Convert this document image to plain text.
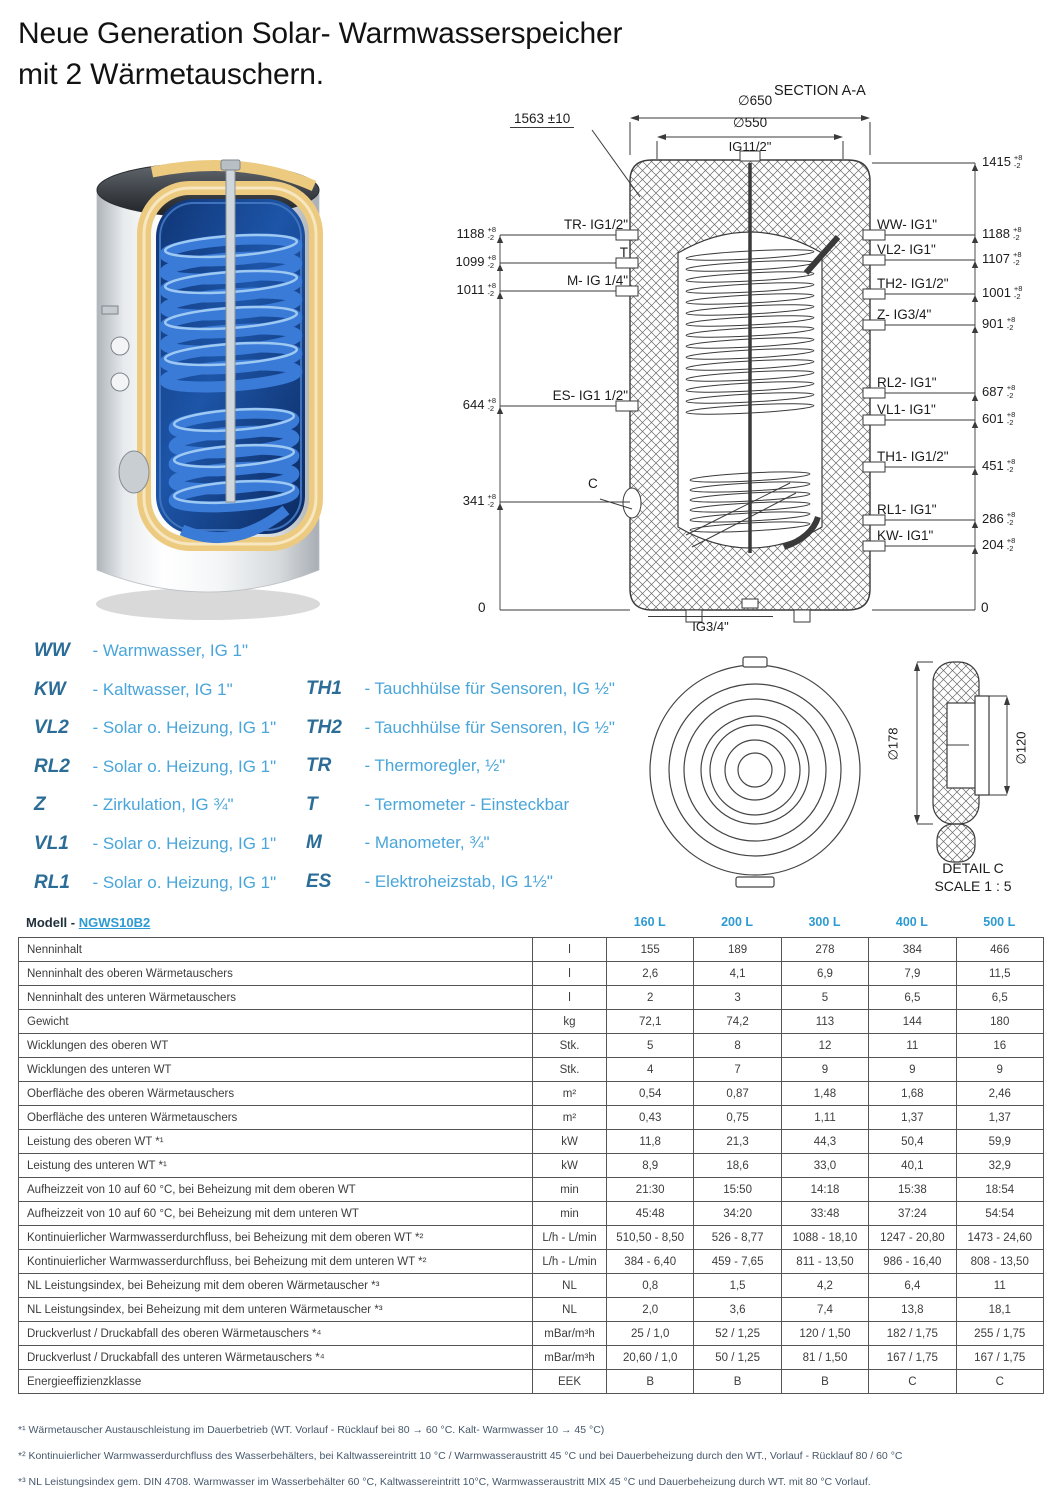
Neue Generation Solar- Warmwasserspeicher
mit 2 Wärmetauschern.
SECTION A-A
∅650
∅550
IG11/2"
1563 ±10
0	0
IG3/4"
1415 +8
-2
1188 +8
-2
1107 +8
-2
1001 +8
-2
901 +8
-2
687 +8
-2
601 +8
-2
451 +8
-2
286 +8
-2
204 +8
-2
1188 +8
-2
1099 +8
-2
1011 +8
-2
644 +8
-2
341 +8
-2
WW- IG1"
VL2- IG1"
TH2- IG1/2"
Z- IG3/4"
RL2- IG1"
VL1- IG1"
TH1- IG1/2"
RL1- IG1"
KW- IG1"
TR- IG1/2"
T
M- IG 1/4"
ES- IG1 1/2"
C
WW - Warmwasser, IG 1"
KW - Kaltwasser, IG 1"
VL2 - Solar o. Heizung, IG 1"
RL2 - Solar o. Heizung, IG 1"
Z	- Zirkulation, IG ¾"
VL1 - Solar o. Heizung, IG 1"
RL1 - Solar o. Heizung, IG 1"
TH1 - Tauchhülse für Sensoren, IG ½"
TH2 - Tauchhülse für Sensoren, IG ½"
TR - Thermoregler, ½"
T	- Termometer - Einsteckbar
M	- Manometer, ¾"
ES - Elektroheizstab, IG 1½"
∅178	∅120
DETAIL C
SCALE 1 : 5
Modell - NGWS10B2	160 L	200 L	300 L	400 L	500 L
Nenninhalt	l	155	189	278	384	466
Nenninhalt des oberen Wärmetauschers	l	2,6	4,1	6,9	7,9	11,5
Nenninhalt des unteren Wärmetauschers	l	2	3	5	6,5	6,5
Gewicht	kg	72,1	74,2	113	144	180
Wicklungen des oberen WT	Stk.	5	8	12	11	16
Wicklungen des unteren WT	Stk.	4	7	9	9	9
Oberfläche des oberen Wärmetauschers	m²	0,54	0,87	1,48	1,68	2,46
Oberfläche des unteren Wärmetauschers	m²	0,43	0,75	1,11	1,37	1,37
Leistung des oberen WT *¹	kW	11,8	21,3	44,3	50,4	59,9
Leistung des unteren WT *¹	kW	8,9	18,6	33,0	40,1	32,9
Aufheizzeit von 10 auf 60 °C, bei Beheizung mit dem oberen WT	min	21:30	15:50	14:18	15:38	18:54
Aufheizzeit von 10 auf 60 °C, bei Beheizung mit dem unteren WT	min	45:48	34:20	33:48	37:24	54:54
Kontinuierlicher Warmwasserdurchfluss, bei Beheizung mit dem oberen WT *²	L/h - L/min	510,50 - 8,50	526 - 8,77	1088 - 18,10	1247 - 20,80	1473 - 24,60
Kontinuierlicher Warmwasserdurchfluss, bei Beheizung mit dem unteren WT *²	L/h - L/min	384 - 6,40	459 - 7,65	811 - 13,50	986 - 16,40	808 - 13,50
NL Leistungsindex, bei Beheizung mit dem oberen Wärmetauscher *³	NL	0,8	1,5	4,2	6,4	11
NL Leistungsindex, bei Beheizung mit dem unteren Wärmetauscher *³	NL	2,0	3,6	7,4	13,8	18,1
Druckverlust / Druckabfall des oberen Wärmetauschers *⁴	mBar/m³h	25 / 1,0	52 / 1,25	120 / 1,50	182 / 1,75	255 / 1,75
Druckverlust / Druckabfall des unteren Wärmetauschers *⁴	mBar/m³h	20,60 / 1,0	50 / 1,25	81 / 1,50	167 / 1,75	167 / 1,75
Energieeffizienzklasse	EEK	B	B	B	C	C
*¹ Wärmetauscher Austauschleistung im Dauerbetrieb (WT. Vorlauf - Rücklauf bei 80 → 60 °C. Kalt- Warmwasser 10 → 45 °C)
*² Kontinuierlicher Warmwasserdurchfluss des Wasserbehälters, bei Kaltwassereintritt 10 °C / Warmwasseraustritt 45 °C und bei Dauerbeheizung durch den WT., Vorlauf - Rücklauf 80 / 60 °C
*³ NL Leistungsindex gem. DIN 4708. Warmwasser im Wasserbehälter 60 °C, Kaltwassereintritt 10°C, Warmwasseraustritt MIX 45 °C und Dauerbeheizung durch WT. mit 80 °C Vorlauf.
